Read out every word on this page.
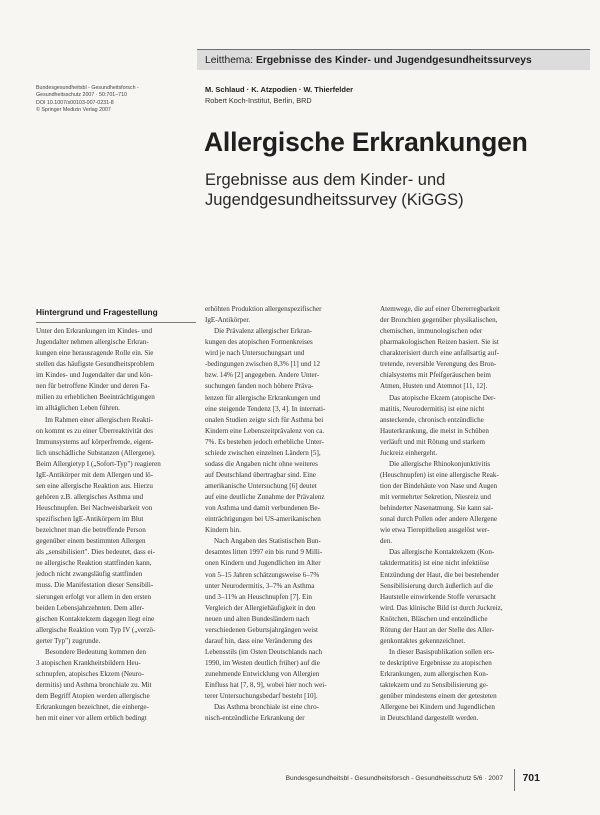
Leitthema: Ergebnisse des Kinder- und Jugendgesundheitssurveys
Bundesgesundheitsbl - Gesundheitsforsch -
Gesundheitsschutz 2007 · 50:701–710
DOI 10.1007/s00103-007-0231-8
© Springer Medizin Verlag 2007
M. Schlaud · K. Atzpodien · W. Thierfelder
Robert Koch-Institut, Berlin, BRD
Allergische Erkrankungen
Ergebnisse aus dem Kinder- und
Jugendgesundheitssurvey (KiGGS)
Hintergrund und Fragestellung

Unter den Erkrankungen im Kindes- und

Jugendalter nehmen allergische Erkran-

kungen eine herausragende Rolle ein. Sie

stellen das häufigste Gesundheitsproblem

im Kindes- und Jugendalter dar und kön-

nen für betroffene Kinder und deren Fa-

milien zu erheblichen Beeinträchtigungen

im alltäglichen Leben führen.

Im Rahmen einer allergischen Reakti-

on kommt es zu einer Überreaktivität des

Immunsystems auf körperfremde, eigent-

lich unschädliche Substanzen (Allergene).

Beim Allergietyp I („Sofort-Typ") reagieren

IgE-Antikörper mit dem Allergen und lö-

sen eine allergische Reaktion aus. Hierzu

gehören z.B. allergisches Asthma und

Heuschnupfen. Bei Nachweisbarkeit von

spezifischen IgE-Antikörpern im Blut

bezeichnet man die betreffende Person

gegenüber einem bestimmten Allergen

als „sensibilisiert". Dies bedeutet, dass ei-

ne allergische Reaktion stattfinden kann,

jedoch nicht zwangsläufig stattfinden

muss. Die Manifestation dieser Sensibili-

sierungen erfolgt vor allem in den ersten

beiden Lebensjahrzehnten. Dem aller-

gischen Kontaktekzem dagegen liegt eine

allergische Reaktion vom Typ IV („verzö-

gerter Typ") zugrunde.

Besondere Bedeutung kommen den

3 atopischen Krankheitsbildern Heu-

schnupfen, atopisches Ekzem (Neuro-

dermitis) und Asthma bronchiale zu. Mit

dem Begriff Atopien werden allergische

Erkrankungen bezeichnet, die einherge-

hen mit einer vor allem erblich bedingt

erhöhten Produktion allergenspezifischer

IgE-Antikörper.

Die Prävalenz allergischer Erkran-

kungen des atopischen Formenkreises

wird je nach Untersuchungsart und

-bedingungen zwischen 8,3% [1] und 12

bzw. 14% [2] angegeben. Andere Unter-

suchungen fanden noch höhere Präva-

lenzen für allergische Erkrankungen und

eine steigende Tendenz [3, 4]. In internati-

onalen Studien zeigte sich für Asthma bei

Kindern eine Lebenszeitprävalenz von ca.

7%. Es bestehen jedoch erhebliche Unter-

schiede zwischen einzelnen Ländern [5],

sodass die Angaben nicht ohne weiteres

auf Deutschland übertragbar sind. Eine

amerikanische Untersuchung [6] deutet

auf eine deutliche Zunahme der Prävalenz

von Asthma und damit verbundenen Be-

einträchtigungen bei US-amerikanischen

Kindern hin.

Nach Angaben des Statistischen Bun-

desamtes litten 1997 ein bis rund 9 Milli-

onen Kindern und Jugendlichen im Alter

von 5–15 Jahren schätzungsweise 6–7%

unter Neurodermitis, 3–7% an Asthma

und 3–11% an Heuschnupfen [7]. Ein

Vergleich der Allergiehäufigkeit in den

neuen und alten Bundesländern nach

verschiedenen Geburtsjahrgängen weist

darauf hin, dass eine Veränderung des

Lebensstils (im Osten Deutschlands nach

1990, im Westen deutlich früher) auf die

zunehmende Entwicklung von Allergien

Einfluss hat [7, 8, 9], wobei hier noch wei-

terer Untersuchungsbedarf besteht [10].

Das Asthma bronchiale ist eine chro-

nisch-entzündliche Erkrankung der

Atemwege, die auf einer Übererregbarkeit

der Bronchien gegenüber physikalischen,

chemischen, immunologischen oder

pharmakologischen Reizen basiert. Sie ist

charakterisiert durch eine anfallsartig auf-

tretende, reversible Verengung des Bron-

chialsystems mit Pfeifgeräuschen beim

Atmen, Husten und Atemnot [11, 12].

Das atopische Ekzem (atopische Der-

matitis, Neurodermitis) ist eine nicht

ansteckende, chronisch entzündliche

Hauterkrankung, die meist in Schüben

verläuft und mit Rötung und starkem

Juckreiz einhergeht.

Die allergische Rhinokonjunktivitis

(Heuschnupfen) ist eine allergische Reak-

tion der Bindehäute von Nase und Augen

mit vermehrter Sekretion, Niesreiz und

behinderter Nasenatmung. Sie kann sai-

sonal durch Pollen oder andere Allergene

wie etwa Tierepithelien ausgelöst wer-

den.

Das allergische Kontaktekzem (Kon-

taktdermatitis) ist eine nicht infektiöse

Entzündung der Haut, die bei bestehender

Sensibilisierung durch äußerlich auf die

Hautstelle einwirkende Stoffe verursacht

wird. Das klinische Bild ist durch Juckreiz,

Knötchen, Bläschen und entzündliche

Rötung der Haut an der Stelle des Aller-

genkontaktes gekennzeichnet.

In dieser Basispublikation sollen ers-

te deskriptive Ergebnisse zu atopischen

Erkrankungen, zum allergischen Kon-

taktekzem und zu Sensibilisierung ge-

genüber mindestens einem der getesteten

Allergene bei Kindern und Jugendlichen

in Deutschland dargestellt werden.

Bundesgesundheitsbl - Gesundheitsforsch - Gesundheitsschutz 5/6 · 2007 701
